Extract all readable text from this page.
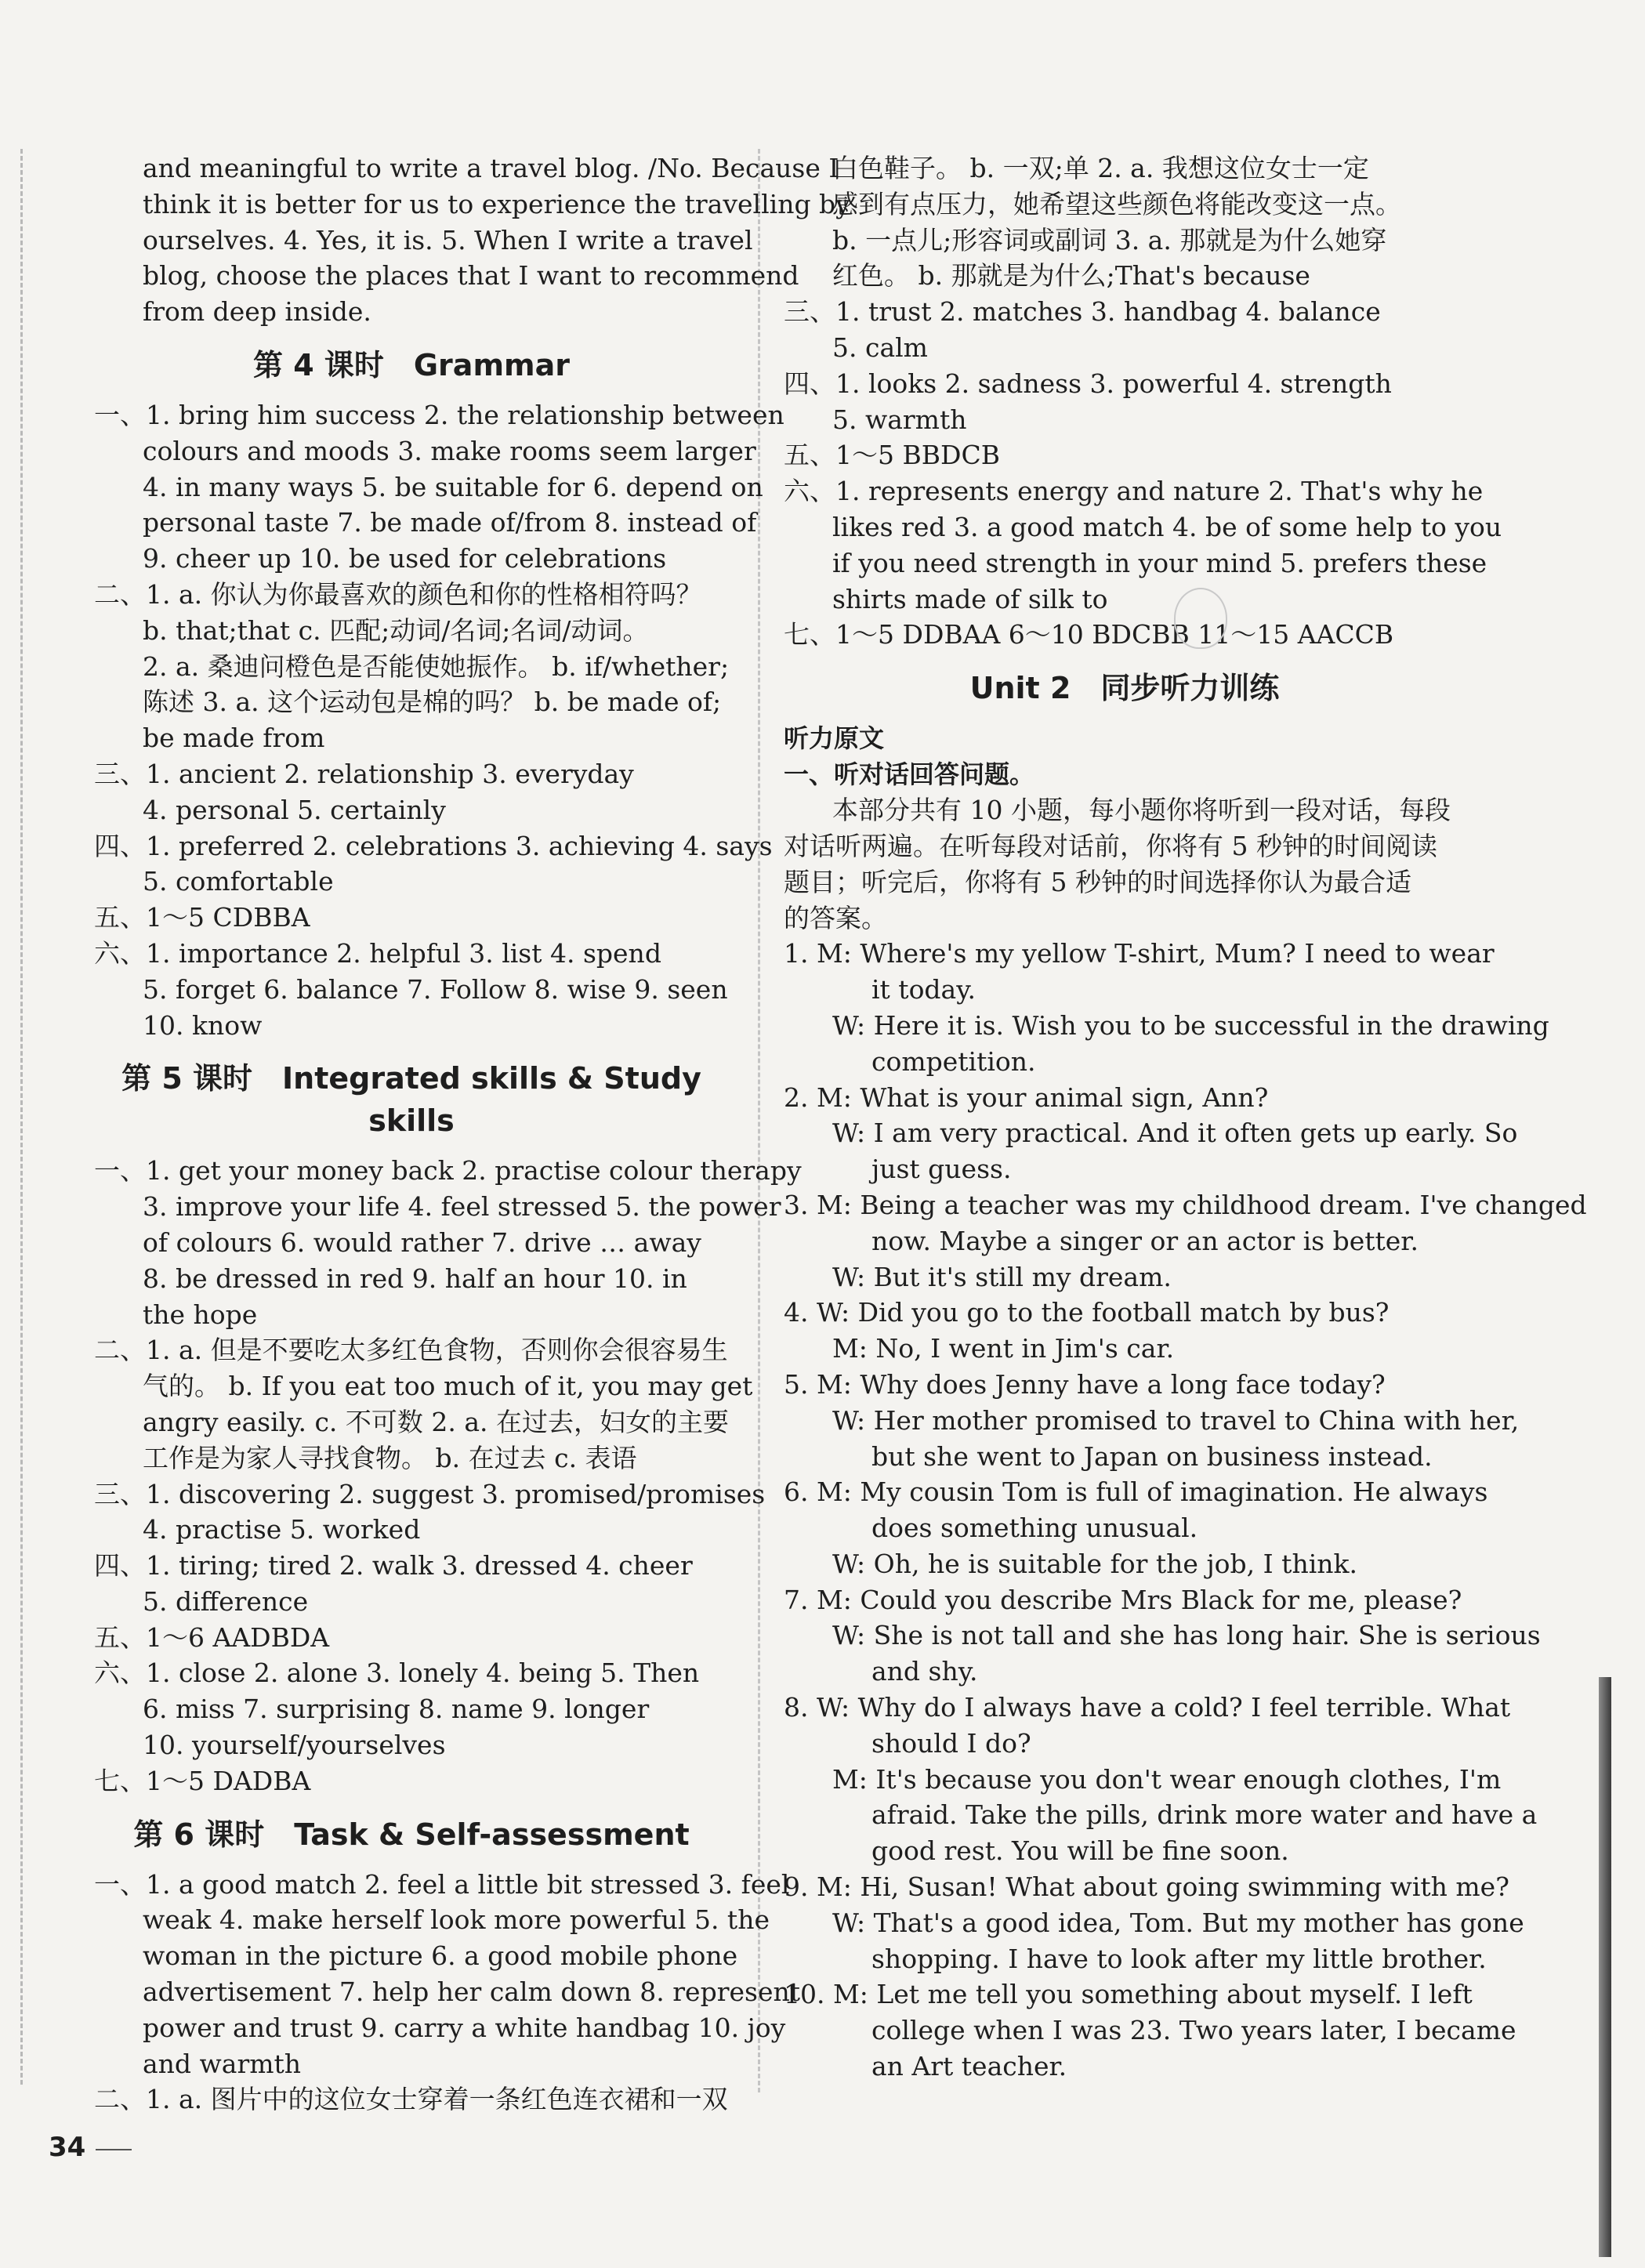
and meaningful to write a travel blog. /No. Because I
think it is better for us to experience the travelling by
ourselves. 4. Yes, it is. 5. When I write a travel
blog, choose the places that I want to recommend
from deep inside.
第 4 课时　Grammar
一、1. bring him success 2. the relationship between
colours and moods 3. make rooms seem larger
4. in many ways 5. be suitable for 6. depend on
personal taste 7. be made of/from 8. instead of
9. cheer up 10. be used for celebrations
二、1. a. 你认为你最喜欢的颜色和你的性格相符吗？
b. that;that c. 匹配;动词/名词;名词/动词。
2. a. 桑迪问橙色是否能使她振作。 b. if/whether;
陈述 3. a. 这个运动包是棉的吗？ b. be made of;
be made from
三、1. ancient 2. relationship 3. everyday
4. personal 5. certainly
四、1. preferred 2. celebrations 3. achieving 4. says
5. comfortable
五、1～5 CDBBA
六、1. importance 2. helpful 3. list 4. spend
5. forget 6. balance 7. Follow 8. wise 9. seen
10. know
第 5 课时　Integrated skills & Study skills
一、1. get your money back 2. practise colour therapy
3. improve your life 4. feel stressed 5. the power
of colours 6. would rather 7. drive … away
8. be dressed in red 9. half an hour 10. in
the hope
二、1. a. 但是不要吃太多红色食物，否则你会很容易生
气的。 b. If you eat too much of it, you may get
angry easily. c. 不可数 2. a. 在过去，妇女的主要
工作是为家人寻找食物。 b. 在过去 c. 表语
三、1. discovering 2. suggest 3. promised/promises
4. practise 5. worked
四、1. tiring; tired 2. walk 3. dressed 4. cheer
5. difference
五、1～6 AADBDA
六、1. close 2. alone 3. lonely 4. being 5. Then
6. miss 7. surprising 8. name 9. longer
10. yourself/yourselves
七、1～5 DADBA
第 6 课时　Task & Self-assessment
一、1. a good match 2. feel a little bit stressed 3. feel
weak 4. make herself look more powerful 5. the
woman in the picture 6. a good mobile phone
advertisement 7. help her calm down 8. represent
power and trust 9. carry a white handbag 10. joy
and warmth
二、1. a. 图片中的这位女士穿着一条红色连衣裙和一双
白色鞋子。 b. 一双;单 2. a. 我想这位女士一定
感到有点压力，她希望这些颜色将能改变这一点。
b. 一点儿;形容词或副词 3. a. 那就是为什么她穿
红色。 b. 那就是为什么;That's because
三、1. trust 2. matches 3. handbag 4. balance
5. calm
四、1. looks 2. sadness 3. powerful 4. strength
5. warmth
五、1～5 BBDCB
六、1. represents energy and nature 2. That's why he
likes red 3. a good match 4. be of some help to you
if you need strength in your mind 5. prefers these
shirts made of silk to
七、1～5 DDBAA 6～10 BDCBB 11～15 AACCB
Unit 2　同步听力训练
听力原文
一、听对话回答问题。
本部分共有 10 小题，每小题你将听到一段对话，每段
对话听两遍。在听每段对话前，你将有 5 秒钟的时间阅读
题目；听完后，你将有 5 秒钟的时间选择你认为最合适
的答案。
1. M: Where's my yellow T-shirt, Mum? I need to wear
it today.
W: Here it is. Wish you to be successful in the drawing
competition.
2. M: What is your animal sign, Ann?
W: I am very practical. And it often gets up early. So
just guess.
3. M: Being a teacher was my childhood dream. I've changed
now. Maybe a singer or an actor is better.
W: But it's still my dream.
4. W: Did you go to the football match by bus?
M: No, I went in Jim's car.
5. M: Why does Jenny have a long face today?
W: Her mother promised to travel to China with her,
but she went to Japan on business instead.
6. M: My cousin Tom is full of imagination. He always
does something unusual.
W: Oh, he is suitable for the job, I think.
7. M: Could you describe Mrs Black for me, please?
W: She is not tall and she has long hair. She is serious
and shy.
8. W: Why do I always have a cold? I feel terrible. What
should I do?
M: It's because you don't wear enough clothes, I'm
afraid. Take the pills, drink more water and have a
good rest. You will be fine soon.
9. M: Hi, Susan! What about going swimming with me?
W: That's a good idea, Tom. But my mother has gone
shopping. I have to look after my little brother.
10. M: Let me tell you something about myself. I left
college when I was 23. Two years later, I became
an Art teacher.
34
